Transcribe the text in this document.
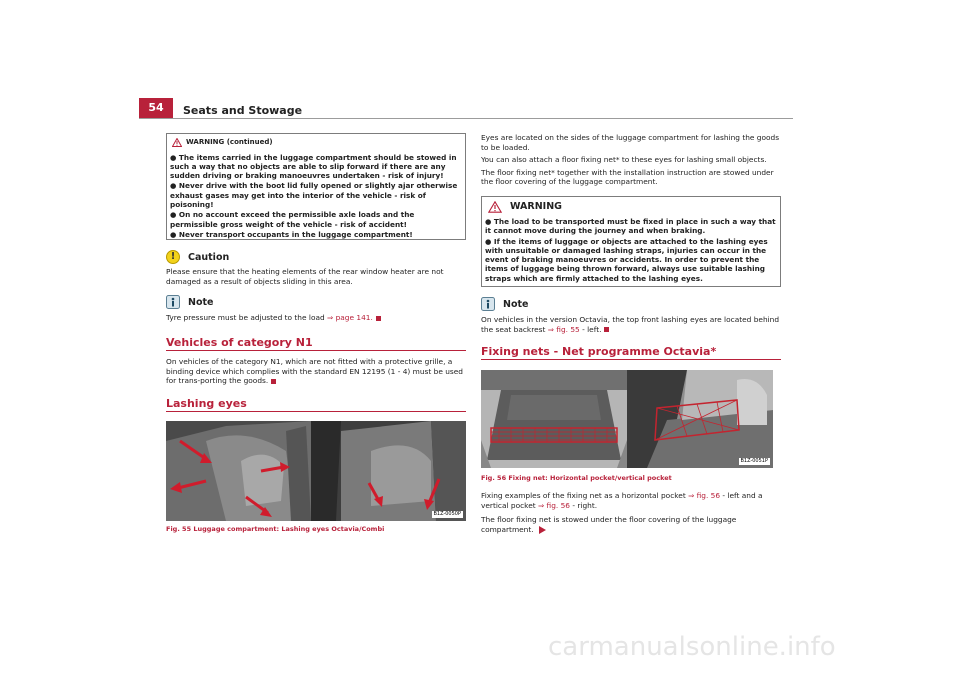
54	Seats and Stowage
WARNING (continued)

● The items carried in the luggage compartment should be stowed in such a way that no objects are able to slip forward if there are any sudden driving or braking manoeuvres undertaken - risk of injury!

● Never drive with the boot lid fully opened or slightly ajar otherwise exhaust gases may get into the interior of the vehicle - risk of poisoning!

● On no account exceed the permissible axle loads and the permissible gross weight of the vehicle - risk of accident!

● Never transport occupants in the luggage compartment!

!	Caution
Please ensure that the heating elements of the rear window heater are not damaged as a result of objects sliding in this area.
Note
Tyre pressure must be adjusted to the load ⇒ page 141.
Vehicles of category N1
On vehicles of the category N1, which are not fitted with a protective grille, a binding device which complies with the standard EN 12195 (1 - 4) must be used for trans-porting the goods.
Lashing eyes
B1Z-0050P
Fig. 55 Luggage compartment: Lashing eyes Octavia/Combi

Eyes are located on the sides of the luggage compartment for lashing the goods to be loaded.

You can also attach a floor fixing net* to these eyes for lashing small objects.

The floor fixing net* together with the installation instruction are stowed under the floor covering of the luggage compartment.

WARNING

● The load to be transported must be fixed in place in such a way that it cannot move during the journey and when braking.

● If the items of luggage or objects are attached to the lashing eyes with unsuitable or damaged lashing straps, injuries can occur in the event of braking manoeuvres or accidents. In order to prevent the items of luggage being thrown forward, always use suitable lashing straps which are firmly attached to the lashing eyes.

Note
On vehicles in the version Octavia, the top front lashing eyes are located behind the seat backrest ⇒ fig. 55 - left.
Fixing nets - Net programme Octavia*
B1Z-0051P
Fig. 56 Fixing net: Horizontal pocket/vertical pocket
Fixing examples of the fixing net as a horizontal pocket ⇒ fig. 56 - left and a vertical pocket ⇒ fig. 56 - right.
The floor fixing net is stowed under the floor covering of the luggage compartment.
carmanualsonline.info
